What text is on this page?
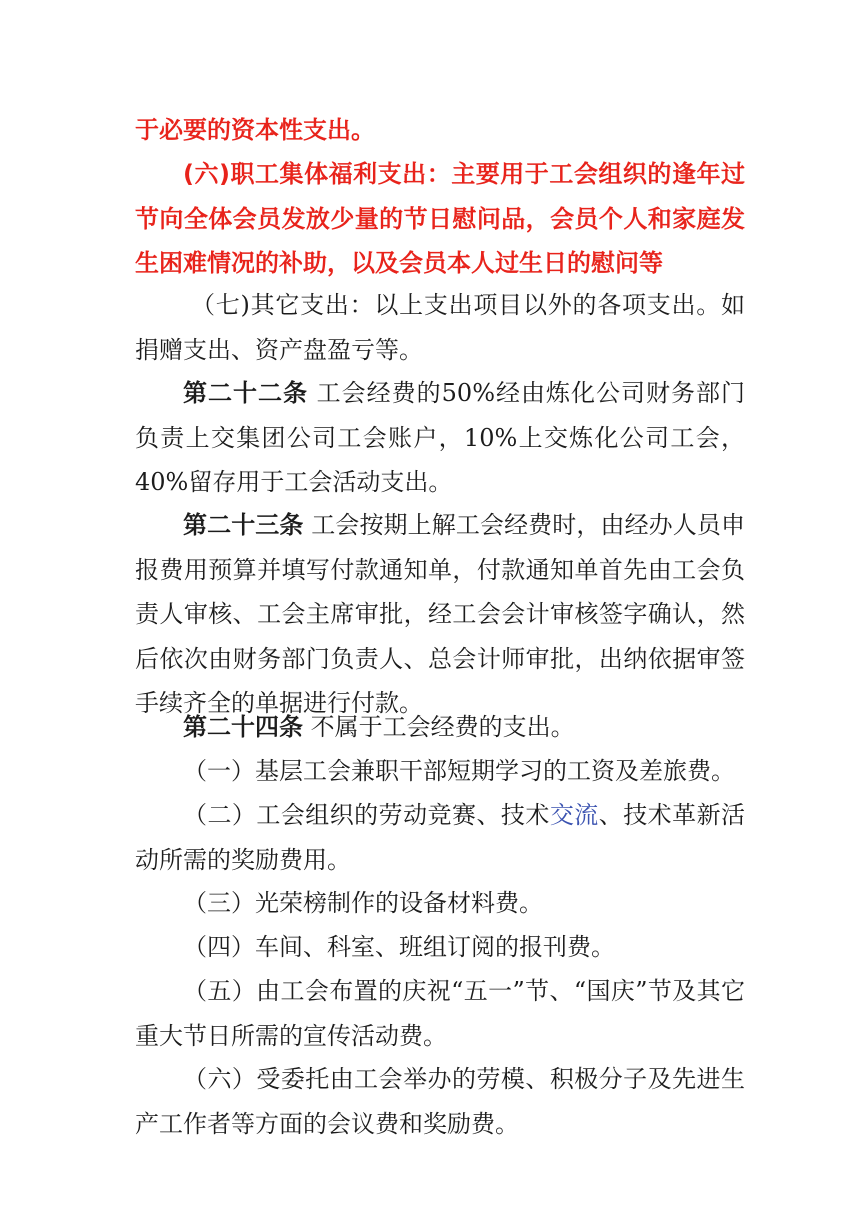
于必要的资本性支出。

(六)职工集体福利支出：主要用于工会组织的逢年过节向全体会员发放少量的节日慰问品，会员个人和家庭发生困难情况的补助，以及会员本人过生日的慰问等

（七)其它支出：以上支出项目以外的各项支出。如捐赠支出、资产盘盈亏等。

第二十二条 工会经费的50%经由炼化公司财务部门负责上交集团公司工会账户，10%上交炼化公司工会，40%留存用于工会活动支出。

第二十三条 工会按期上解工会经费时，由经办人员申报费用预算并填写付款通知单，付款通知单首先由工会负责人审核、工会主席审批，经工会会计审核签字确认，然后依次由财务部门负责人、总会计师审批，出纳依据审签手续齐全的单据进行付款。

第二十四条 不属于工会经费的支出。

（一）基层工会兼职干部短期学习的工资及差旅费。

（二）工会组织的劳动竞赛、技术交流、技术革新活动所需的奖励费用。

（三）光荣榜制作的设备材料费。

（四）车间、科室、班组订阅的报刊费。

（五）由工会布置的庆祝“五一”节、“国庆”节及其它重大节日所需的宣传活动费。

（六）受委托由工会举办的劳模、积极分子及先进生产工作者等方面的会议费和奖励费。
